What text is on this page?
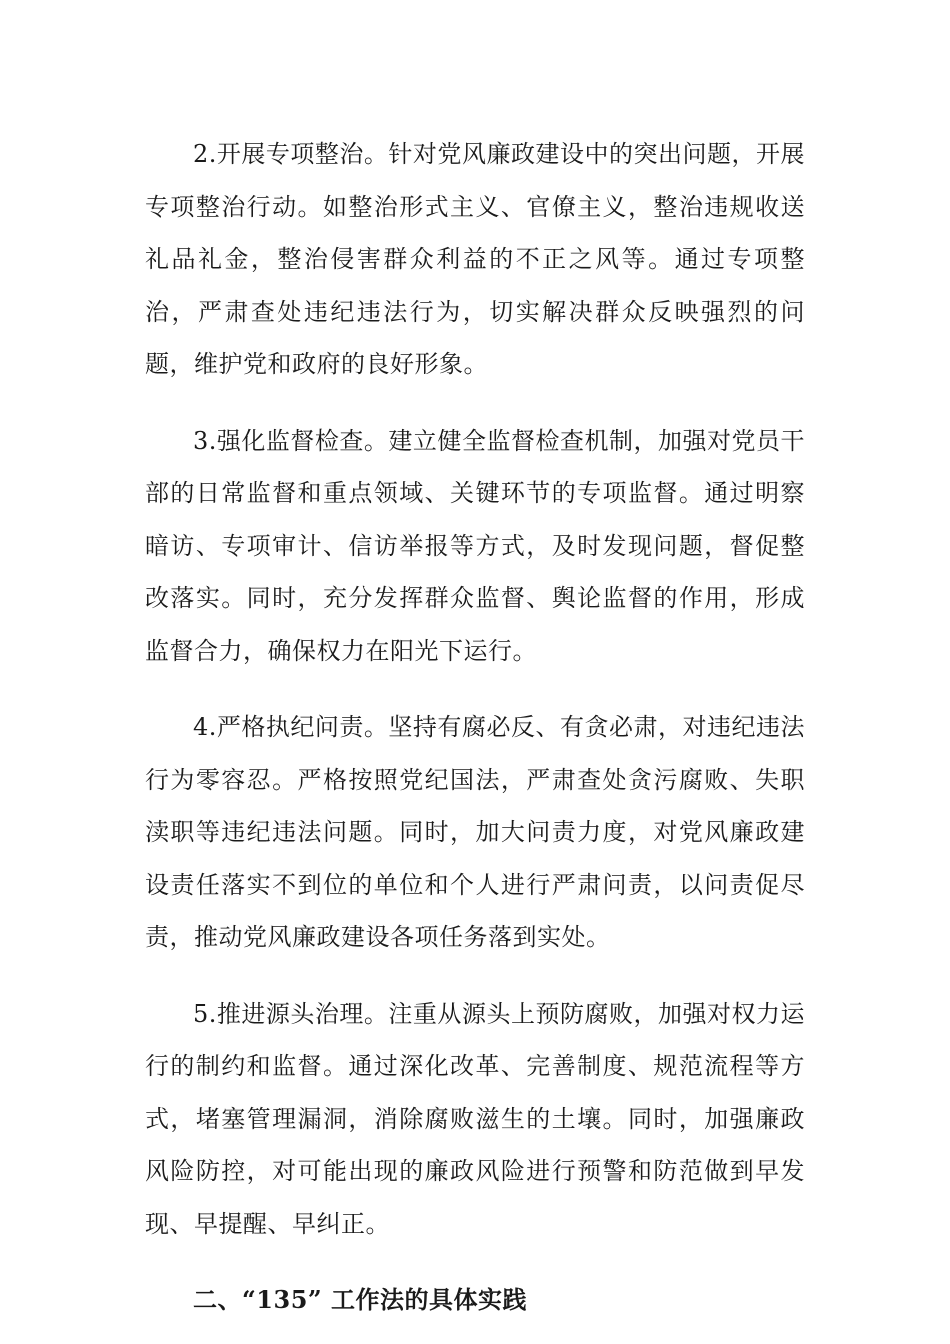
2.开展专项整治。针对党风廉政建设中的突出问题，开展专项整治行动。如整治形式主义、官僚主义，整治违规收送礼品礼金，整治侵害群众利益的不正之风等。通过专项整治，严肃查处违纪违法行为，切实解决群众反映强烈的问题，维护党和政府的良好形象。

3.强化监督检查。建立健全监督检查机制，加强对党员干部的日常监督和重点领域、关键环节的专项监督。通过明察暗访、专项审计、信访举报等方式，及时发现问题，督促整改落实。同时，充分发挥群众监督、舆论监督的作用，形成监督合力，确保权力在阳光下运行。

4.严格执纪问责。坚持有腐必反、有贪必肃，对违纪违法行为零容忍。严格按照党纪国法，严肃查处贪污腐败、失职渎职等违纪违法问题。同时，加大问责力度，对党风廉政建设责任落实不到位的单位和个人进行严肃问责，以问责促尽责，推动党风廉政建设各项任务落到实处。

5.推进源头治理。注重从源头上预防腐败，加强对权力运行的制约和监督。通过深化改革、完善制度、规范流程等方式，堵塞管理漏洞，消除腐败滋生的土壤。同时，加强廉政风险防控，对可能出现的廉政风险进行预警和防范做到早发现、早提醒、早纠正。

二、“135” 工作法的具体实践
